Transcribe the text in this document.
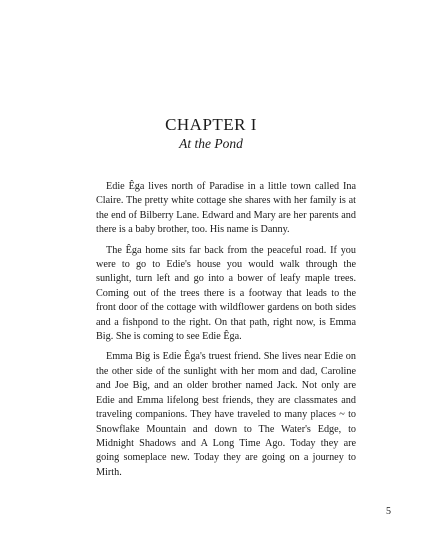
CHAPTER I
At the Pond

Edie Êga lives north of Paradise in a little town called Ina Claire. The pretty white cottage she shares with her family is at the end of Bilberry Lane. Edward and Mary are her parents and there is a baby brother, too. His name is Danny.

The Êga home sits far back from the peaceful road. If you were to go to Edie's house you would walk through the sunlight, turn left and go into a bower of leafy maple trees. Coming out of the trees there is a footway that leads to the front door of the cottage with wildflower gardens on both sides and a fishpond to the right. On that path, right now, is Emma Big. She is coming to see Edie Êga.

Emma Big is Edie Êga's truest friend. She lives near Edie on the other side of the sunlight with her mom and dad, Caroline and Joe Big, and an older brother named Jack. Not only are Edie and Emma lifelong best friends, they are classmates and traveling companions. They have traveled to many places ~ to Snowflake Mountain and down to The Water's Edge, to Midnight Shadows and A Long Time Ago. Today they are going someplace new. Today they are going on a journey to Mirth.

5
